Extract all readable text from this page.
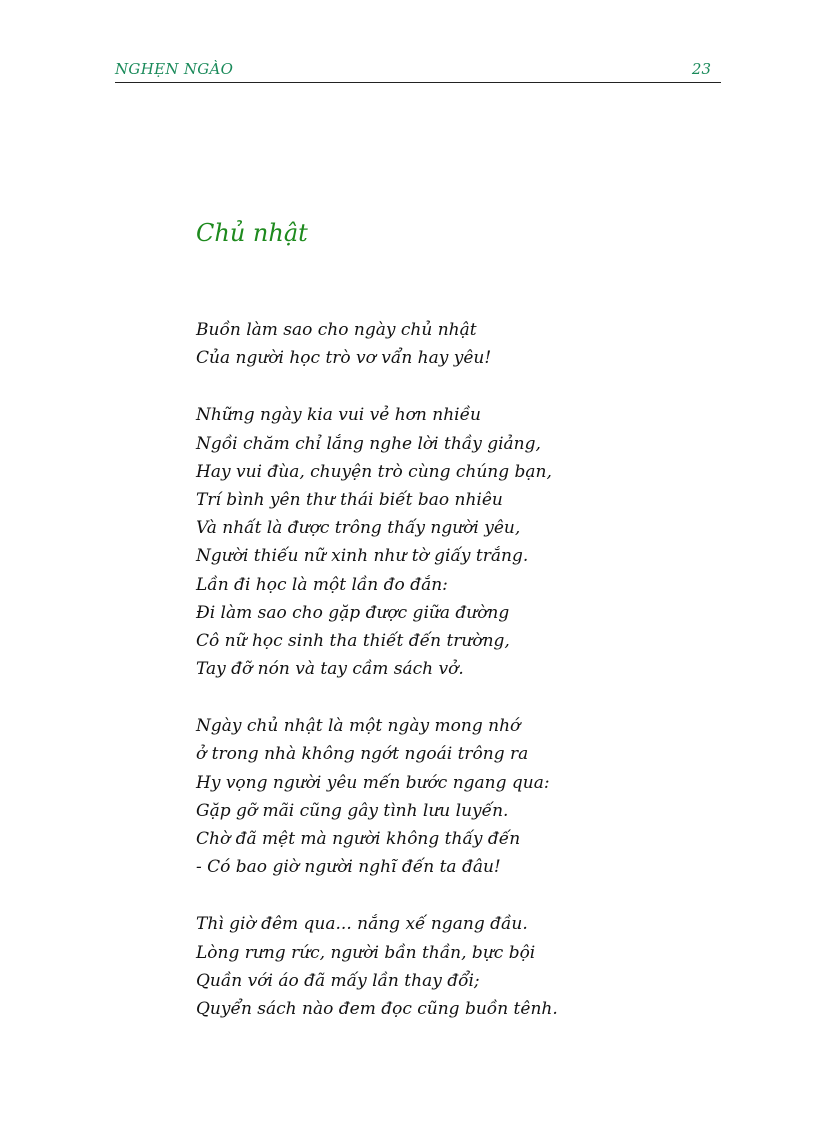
NGHẸN NGÀO	23
Chủ nhật
Buồn làm sao cho ngày chủ nhật
Của người học trò vơ vẩn hay yêu!
Những ngày kia vui vẻ hơn nhiều
Ngồi chăm chỉ lắng nghe lời thầy giảng,
Hay vui đùa, chuyện trò cùng chúng bạn,
Trí bình yên thư thái biết bao nhiêu
Và nhất là được trông thấy người yêu,
Người thiếu nữ xinh như tờ giấy trắng.
Lần đi học là một lần đo đắn:
Đi làm sao cho gặp được giữa đường
Cô nữ học sinh tha thiết đến trường,
Tay đỡ nón và tay cầm sách vở.
Ngày chủ nhật là một ngày mong nhớ
ở trong nhà không ngớt ngoái trông ra
Hy vọng người yêu mến bước ngang qua:
Gặp gỡ mãi cũng gây tình lưu luyến.
Chờ đã mệt mà người không thấy đến
- Có bao giờ người nghĩ đến ta đâu!
Thì giờ đêm qua... nắng xế ngang đầu.
Lòng rưng rức, người bần thần, bực bội
Quần với áo đã mấy lần thay đổi;
Quyển sách nào đem đọc cũng buồn tênh.
